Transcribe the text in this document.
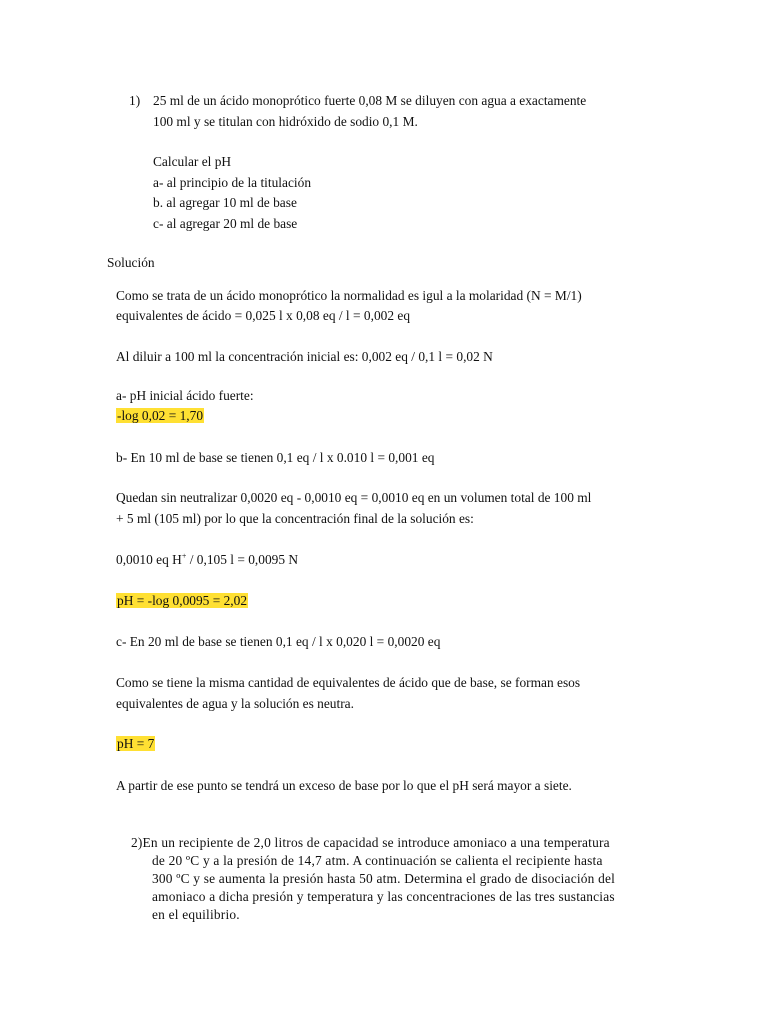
1) 25 ml de un ácido monoprótico fuerte 0,08 M se diluyen con agua a exactamente
100 ml y se titulan con hidróxido de sodio 0,1 M.
Calcular el pH
a- al principio de la titulación
b. al agregar 10 ml de base
c- al agregar 20 ml de base
Solución
Como se trata de un ácido monoprótico la normalidad es igul a la molaridad (N = M/1)
equivalentes de ácido = 0,025 l x 0,08 eq / l = 0,002 eq
Al diluir a 100 ml la concentración inicial es: 0,002 eq / 0,1 l = 0,02 N
a- pH inicial ácido fuerte:
-log 0,02 = 1,70
b- En 10 ml de base se tienen 0,1 eq / l x 0.010 l = 0,001 eq
Quedan sin neutralizar 0,0020 eq - 0,0010 eq = 0,0010 eq en un volumen total de 100 ml
+ 5 ml (105 ml) por lo que la concentración final de la solución es:
0,0010 eq H+ / 0,105 l = 0,0095 N
pH = -log 0,0095 = 2,02
c- En 20 ml de base se tienen 0,1 eq / l x 0,020 l = 0,0020 eq
Como se tiene la misma cantidad de equivalentes de ácido que de base, se forman esos
equivalentes de agua y la solución es neutra.
pH = 7
A partir de ese punto se tendrá un exceso de base por lo que el pH será mayor a siete.
2)En un recipiente de 2,0 litros de capacidad se introduce amoniaco a una temperatura
de 20 ºC y a la presión de 14,7 atm. A continuación se calienta el recipiente hasta
300 ºC y se aumenta la presión hasta 50 atm. Determina el grado de disociación del
amoniaco a dicha presión y temperatura y las concentraciones de las tres sustancias
en el equilibrio.
